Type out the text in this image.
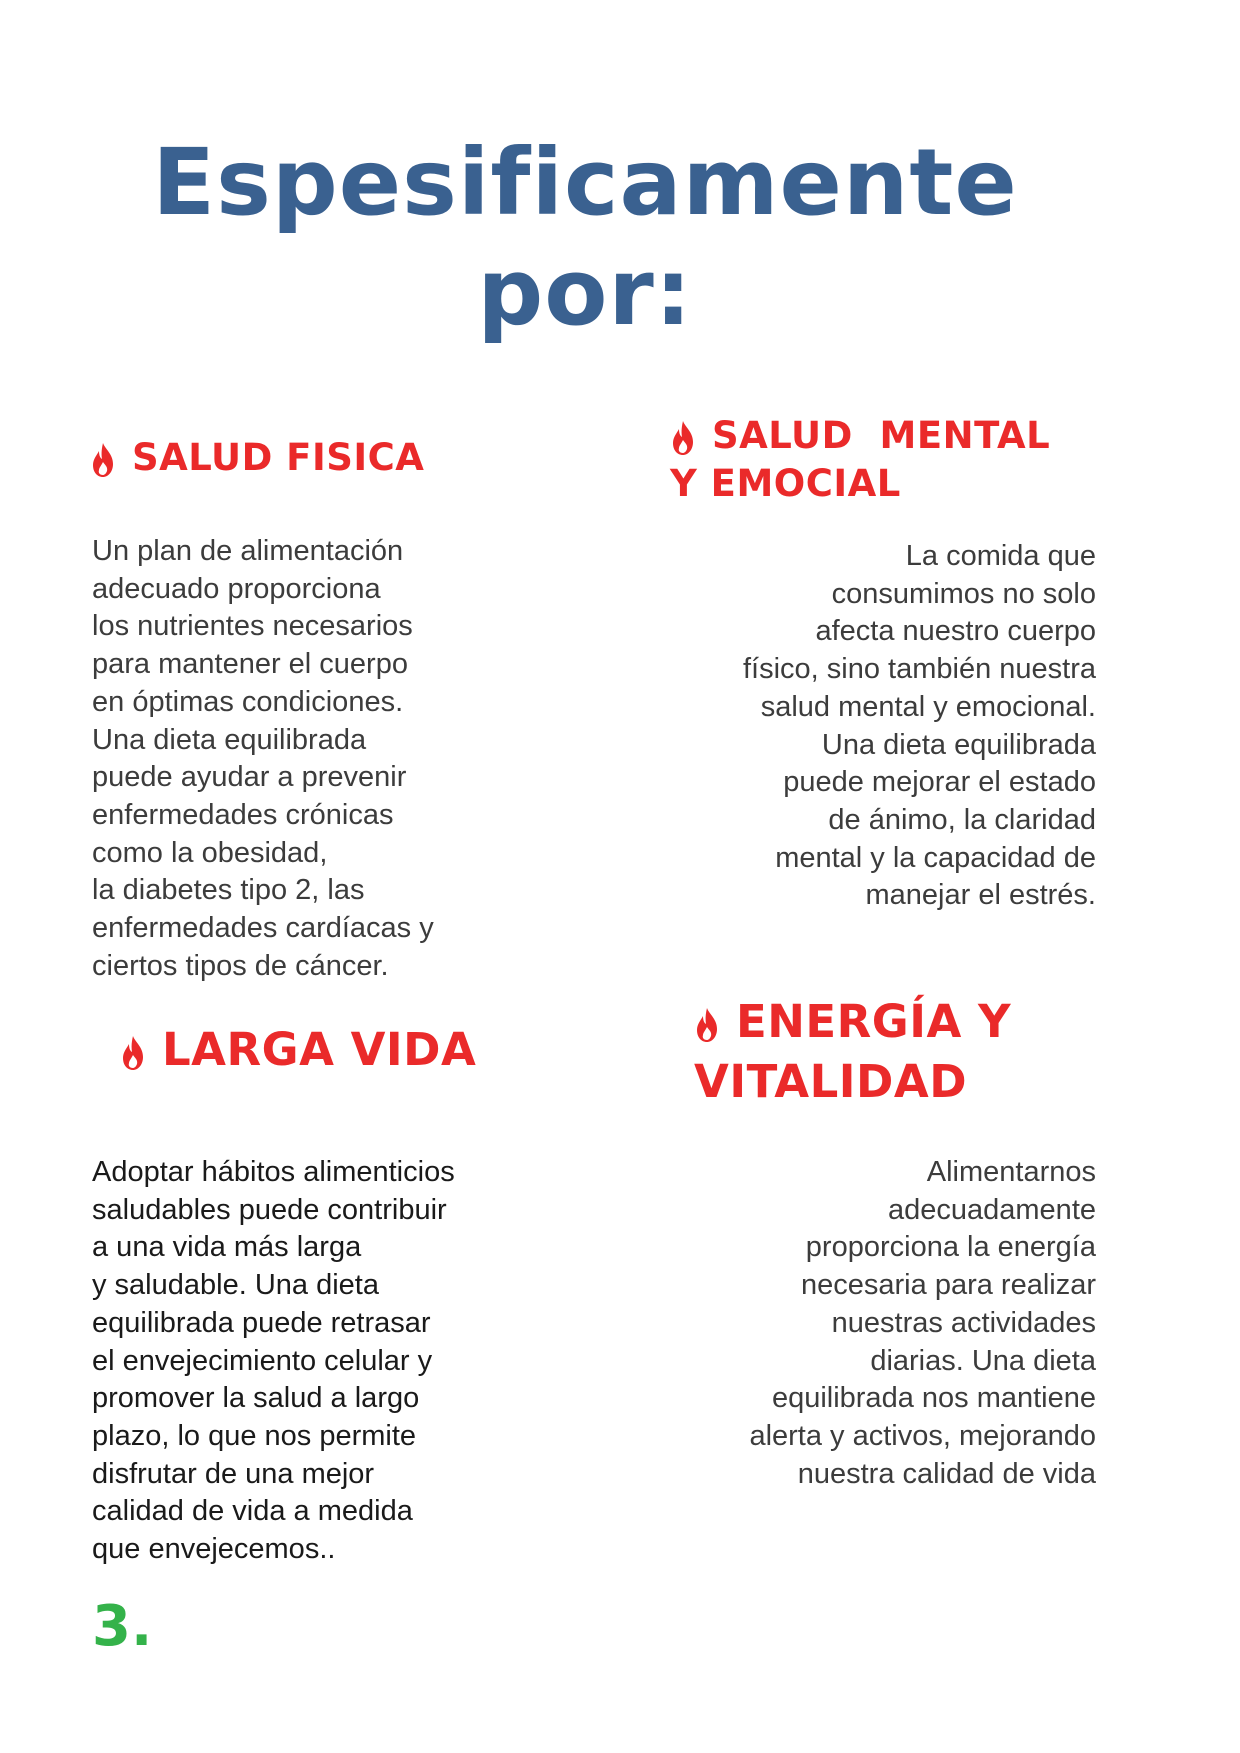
Espesificamente
por:
SALUD FISICA

Un plan de alimentación
adecuado proporciona
los nutrientes necesarios
para mantener el cuerpo
en óptimas condiciones.
Una dieta equilibrada
puede ayudar a prevenir
enfermedades crónicas
como la obesidad,
la diabetes tipo 2, las
enfermedades cardíacas y
ciertos tipos de cáncer.

SALUD  MENTAL
Y EMOCIAL

La comida que
consumimos no solo
afecta nuestro cuerpo
físico, sino también nuestra
salud mental y emocional.
Una dieta equilibrada
puede mejorar el estado
de ánimo, la claridad
mental y la capacidad de
manejar el estrés.

LARGA VIDA

Adoptar hábitos alimenticios
saludables puede contribuir
a una vida más larga
y saludable. Una dieta
equilibrada puede retrasar
el envejecimiento celular y
promover la salud a largo
plazo, lo que nos permite
disfrutar de una mejor
calidad de vida a medida
que envejecemos..

ENERGÍA Y
VITALIDAD

Alimentarnos
adecuadamente
proporciona la energía
necesaria para realizar
nuestras actividades
diarias. Una dieta
equilibrada nos mantiene
alerta y activos, mejorando
nuestra calidad de vida

3.
